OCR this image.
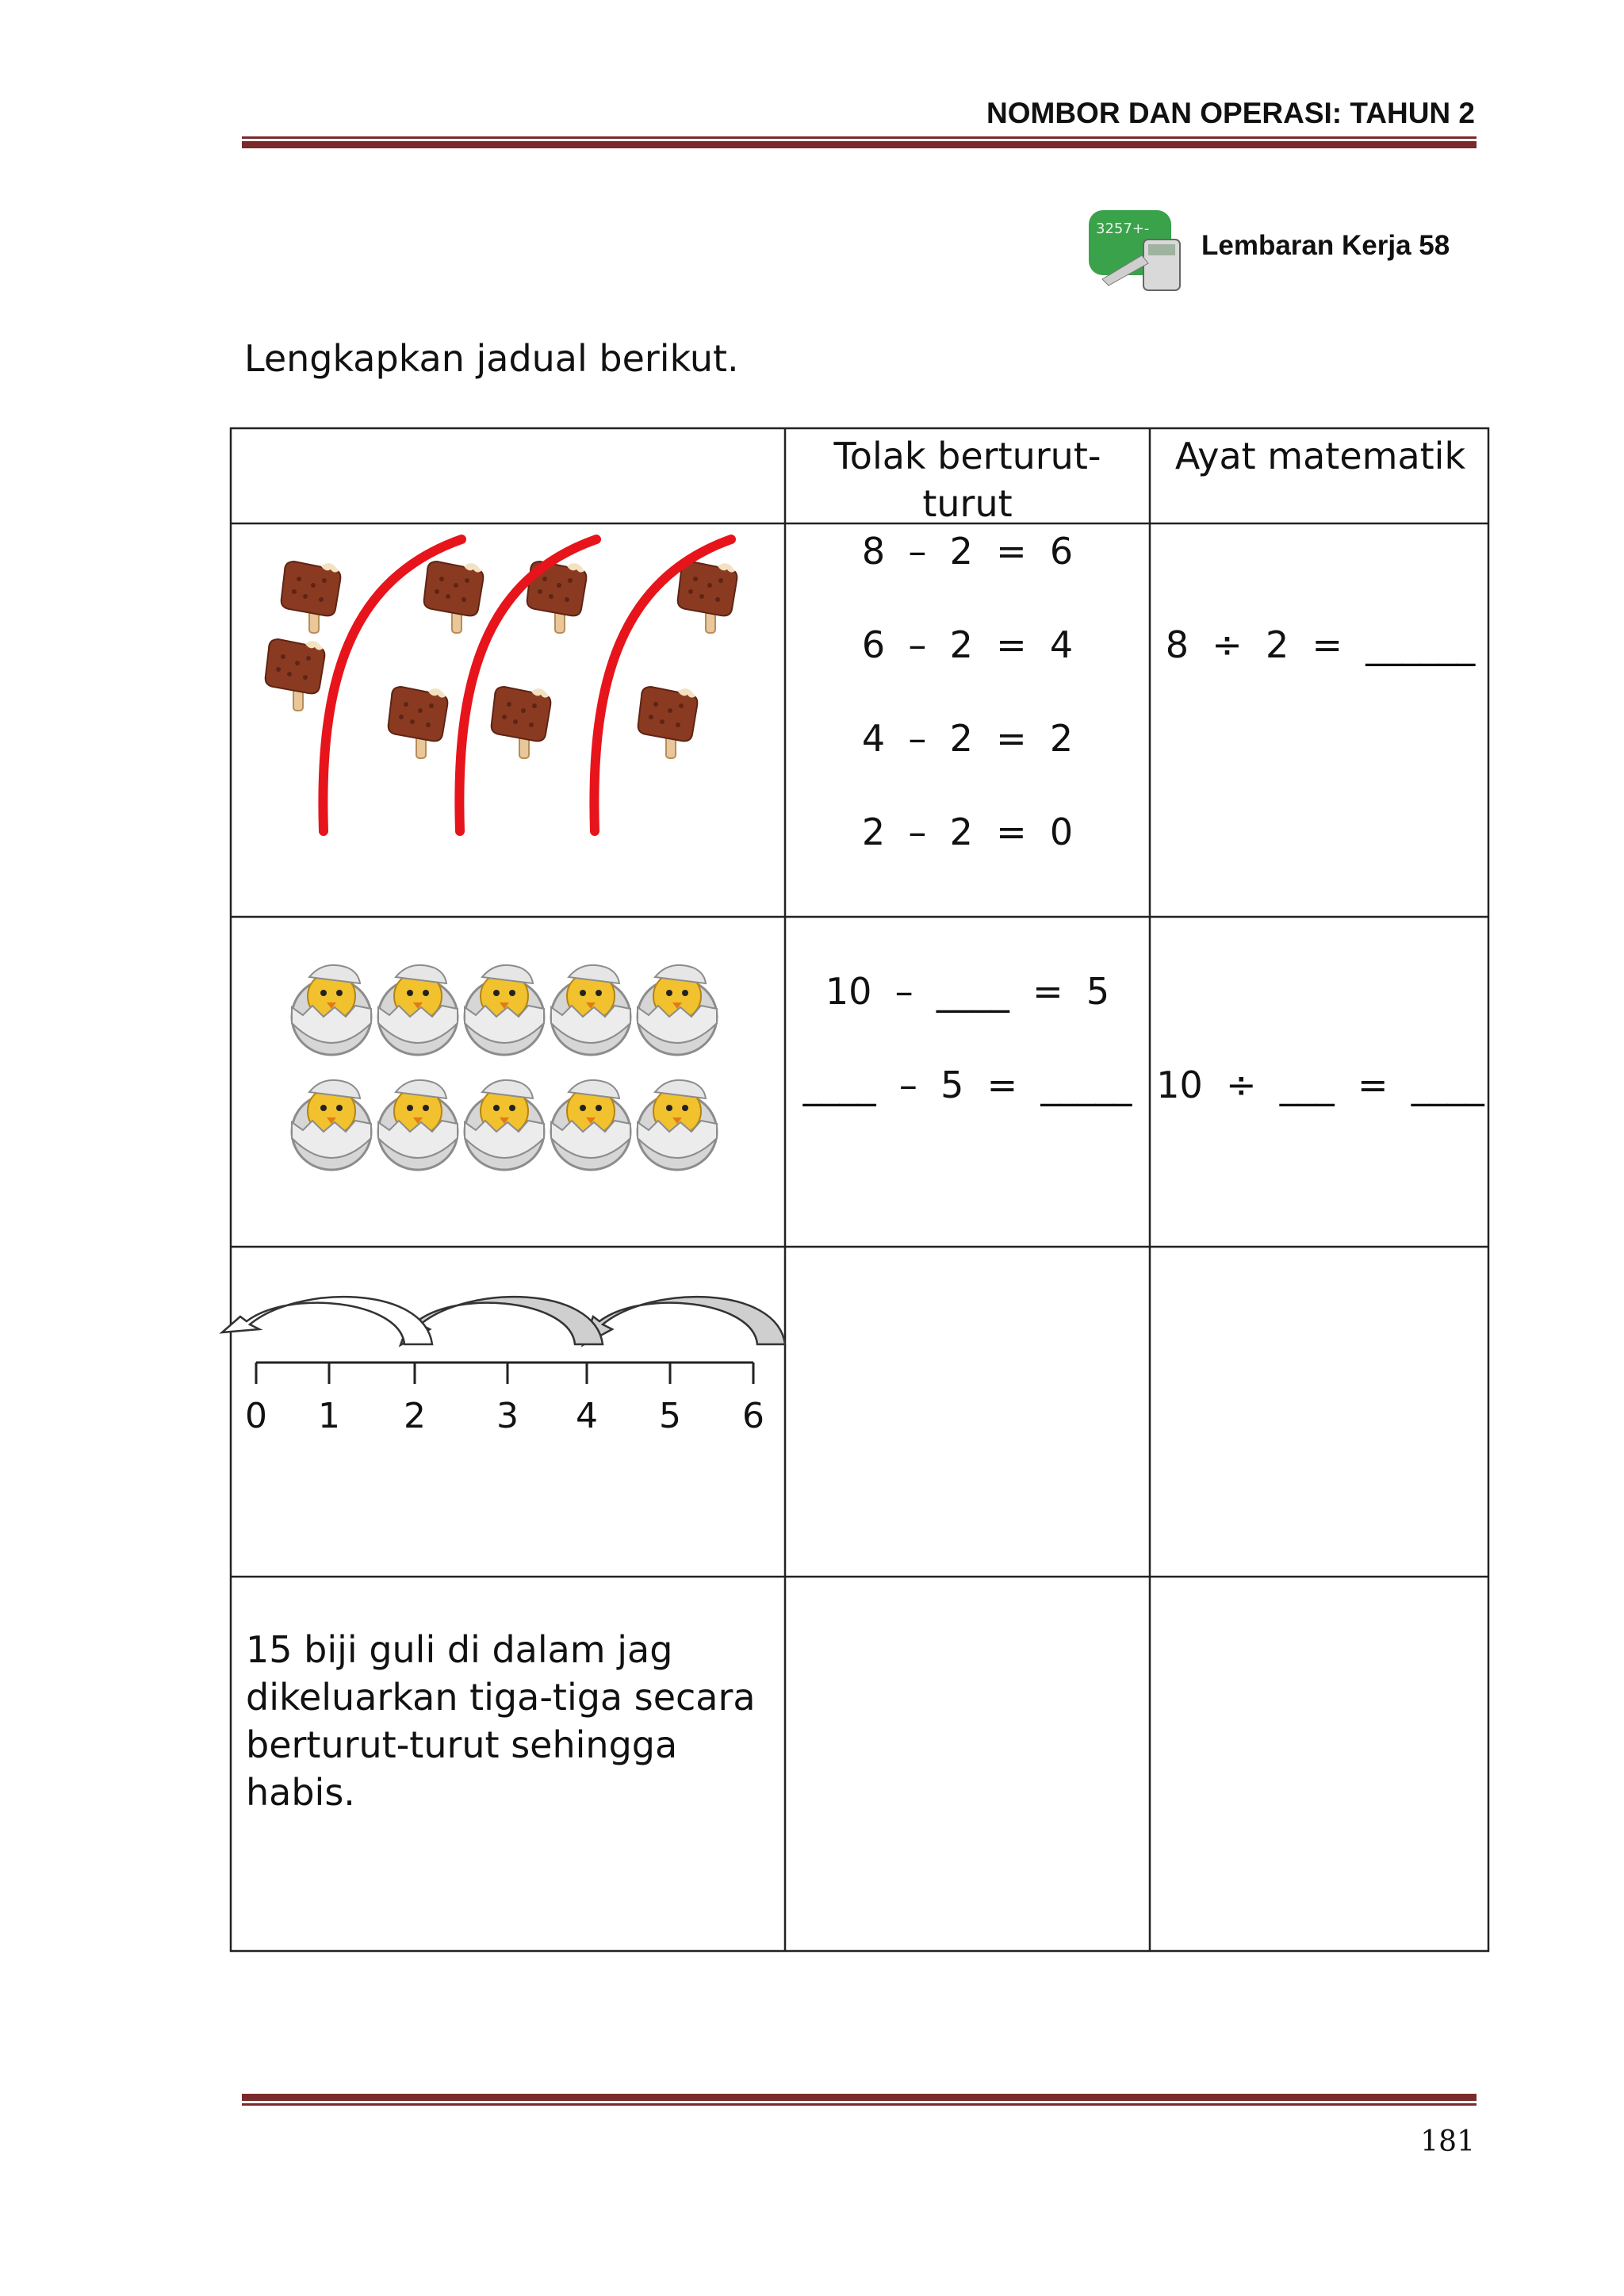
NOMBOR DAN OPERASI: TAHUN 2
3257+-
Lembaran Kerja 58
Lengkapkan jadual berikut.
0 1 2 3 4 5 6
Tolak berturut-turut
Ayat matematik
8  –  2  =  6
6  –  2  =  4
4  –  2  =  2
2  –  2  =  0
8  ÷  2  =  ______
10  –  ____  =  5
____  –  5  =  _____ 10  ÷  ___  =  ____
15 biji guli di dalam jag
dikeluarkan tiga-tiga secara
berturut-turut sehingga
habis.
181
